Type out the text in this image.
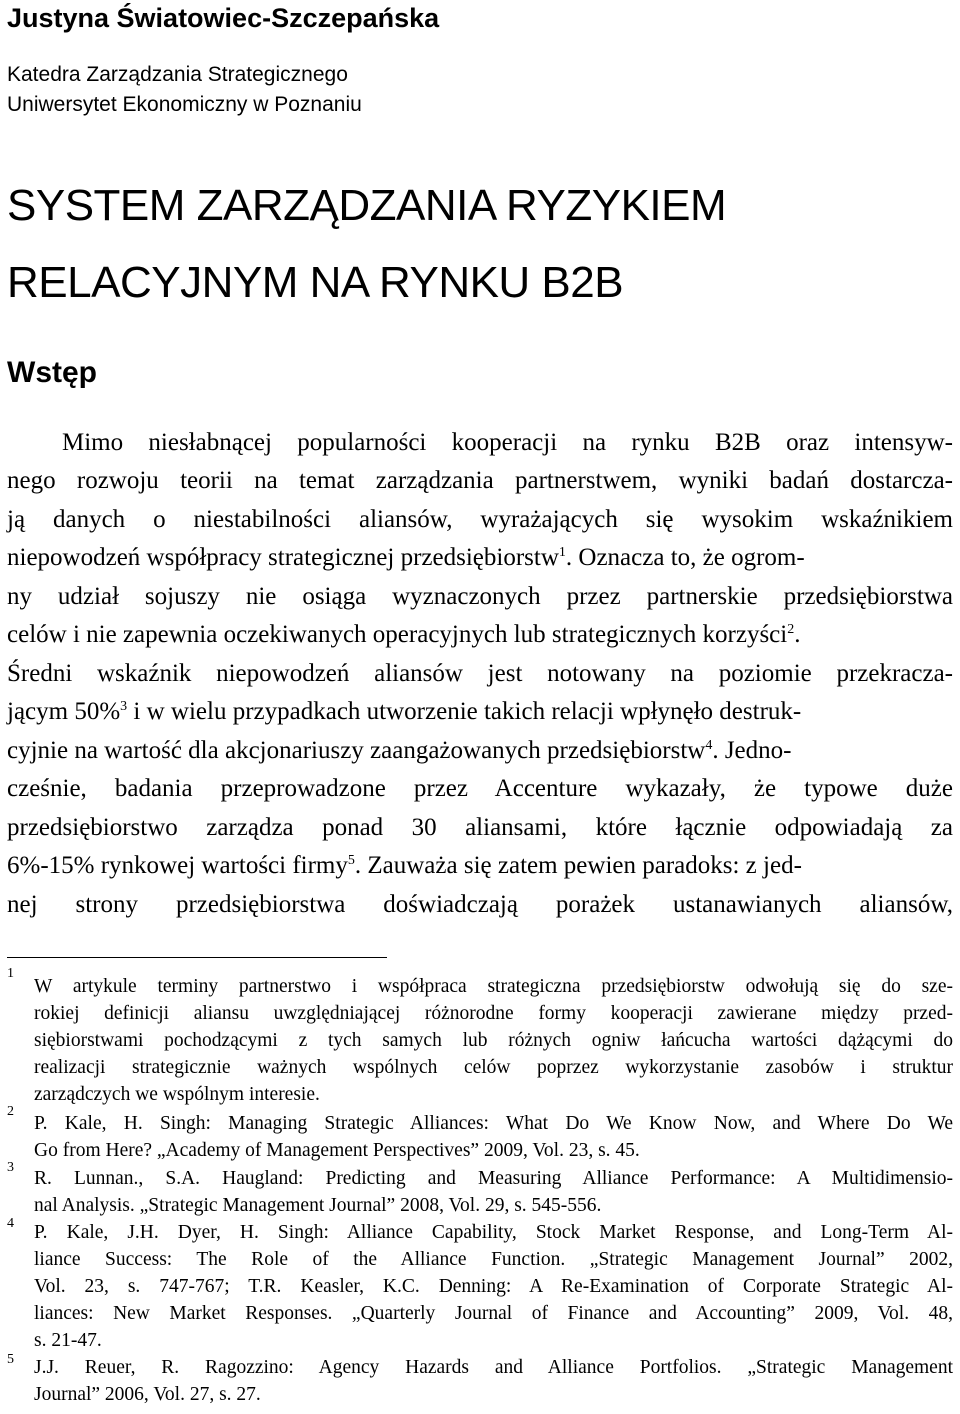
Justyna Światowiec-Szczepańska
Katedra Zarządzania Strategicznego
Uniwersytet Ekonomiczny w Poznaniu
SYSTEM ZARZĄDZANIA RYZYKIEM
RELACYJNYM NA RYNKU B2B
Wstęp
Mimo niesłabnącej popularności kooperacji na rynku B2B oraz intensyw-
nego rozwoju teorii na temat zarządzania partnerstwem, wyniki badań dostarcza-
ją danych o niestabilności aliansów, wyrażających się wysokim wskaźnikiem
niepowodzeń współpracy strategicznej przedsiębiorstw$^1$. Oznacza to, że ogrom-
ny udział sojuszy nie osiąga wyznaczonych przez partnerskie przedsiębiorstwa
celów i nie zapewnia oczekiwanych operacyjnych lub strategicznych korzyści$^2$.
Średni wskaźnik niepowodzeń aliansów jest notowany na poziomie przekracza-
jącym 50%$^3$ i w wielu przypadkach utworzenie takich relacji wpłynęło destruk-
cyjnie na wartość dla akcjonariuszy zaangażowanych przedsiębiorstw$^4$. Jedno-
cześnie, badania przeprowadzone przez Accenture wykazały, że typowe duże
przedsiębiorstwo zarządza ponad 30 aliansami, które łącznie odpowiadają za
6%-15% rynkowej wartości firmy$^5$. Zauważa się zatem pewien paradoks: z jed-
nej strony przedsiębiorstwa doświadczają porażek ustanawianych aliansów,
1
W artykule terminy partnerstwo i współpraca strategiczna przedsiębiorstw odwołują się do sze-
rokiej definicji aliansu uwzględniającej różnorodne formy kooperacji zawierane między przed-
siębiorstwami pochodzącymi z tych samych lub różnych ogniw łańcucha wartości dążącymi do
realizacji strategicznie ważnych wspólnych celów poprzez wykorzystanie zasobów i struktur
zarządczych we wspólnym interesie.
2
P. Kale, H. Singh: Managing Strategic Alliances: What Do We Know Now, and Where Do We
Go from Here? „Academy of Management Perspectives” 2009, Vol. 23, s. 45.
3
R. Lunnan., S.A. Haugland: Predicting and Measuring Alliance Performance: A Multidimensio-
nal Analysis. „Strategic Management Journal” 2008, Vol. 29, s. 545-556.
4 P. Kale, J.H. Dyer, H. Singh: Alliance Capability, Stock Market Response, and Long-Term Al-
liance Success: The Role of the Alliance Function. „Strategic Management Journal” 2002,
Vol. 23, s. 747-767; T.R. Keasler, K.C. Denning: A Re-Examination of Corporate Strategic Al-
liances: New Market Responses. „Quarterly Journal of Finance and Accounting” 2009, Vol. 48,
s. 21-47.
5 J.J. Reuer, R. Ragozzino: Agency Hazards and Alliance Portfolios. „Strategic Management
Journal” 2006, Vol. 27, s. 27.
